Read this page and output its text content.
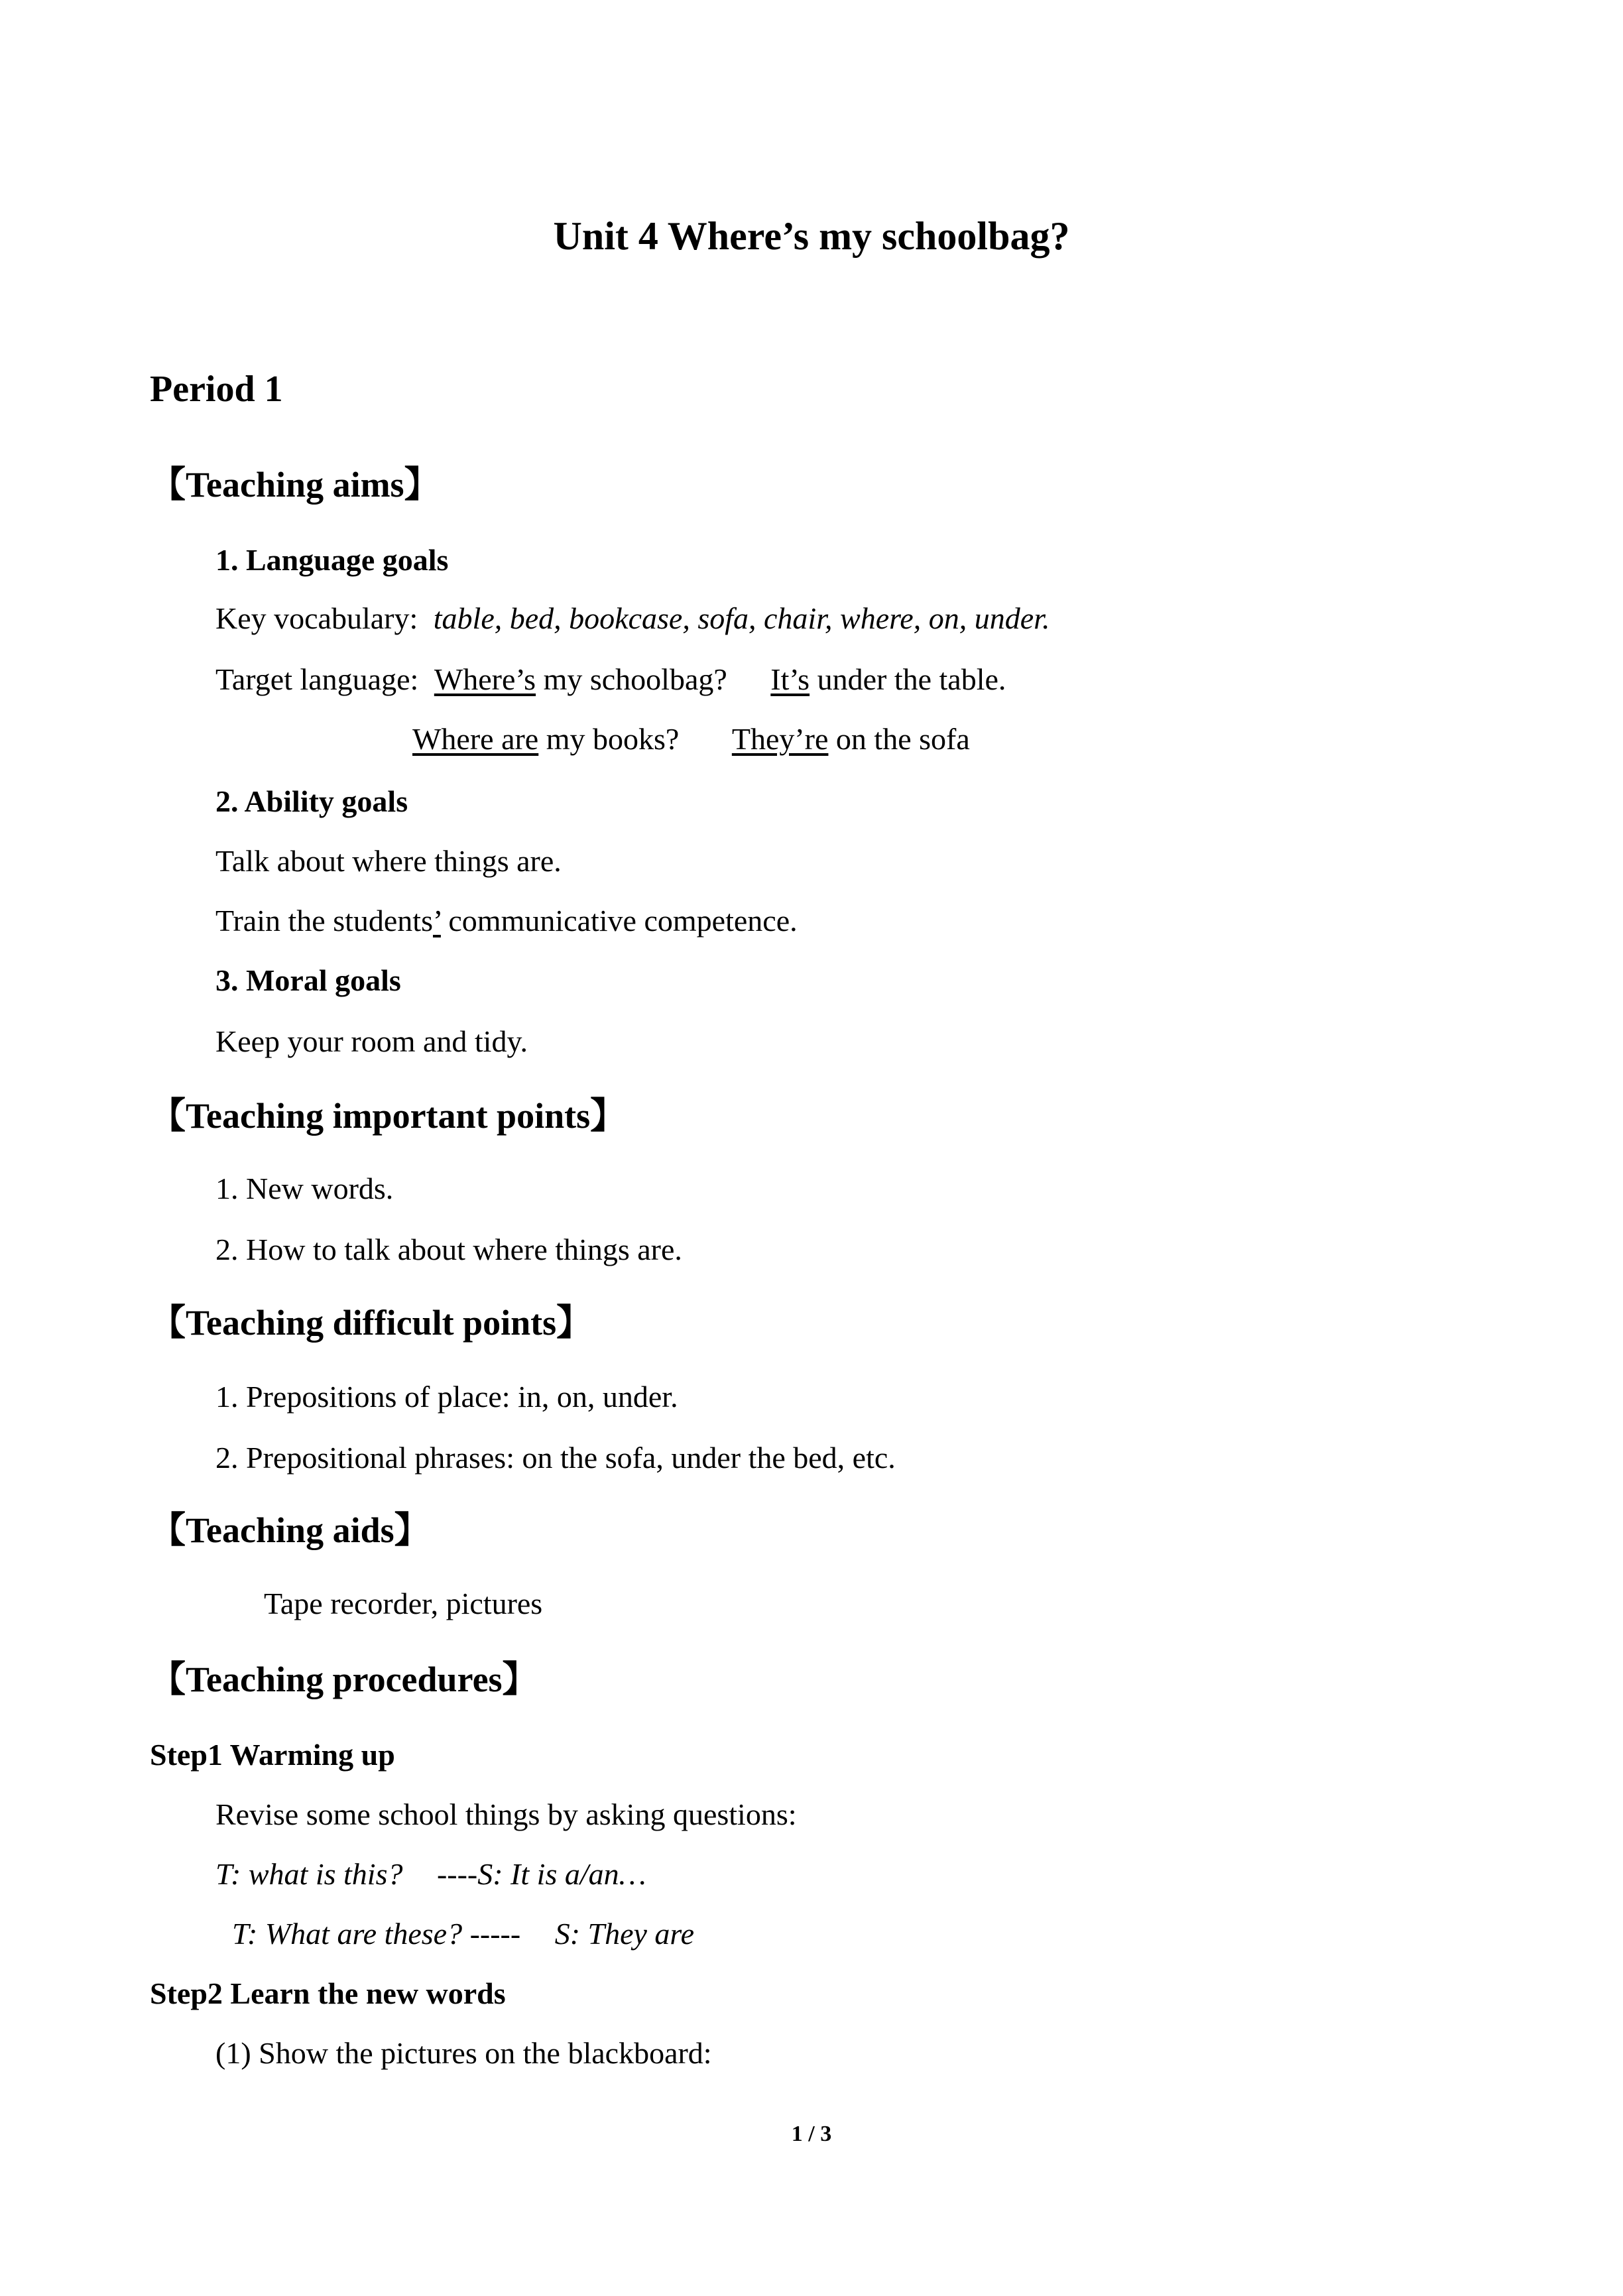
Unit 4 Where’s my schoolbag?
Period 1
【Teaching aims】
1. Language goals
Key vocabulary: table, bed, bookcase, sofa, chair, where, on, under.
Target language: Where’s my schoolbag? It’s under the table.
Where are my books? They’re on the sofa
2. Ability goals
Talk about where things are.
Train the students’ communicative competence.
3. Moral goals
Keep your room and tidy.
【Teaching important points】
1. New words.
2. How to talk about where things are.
【Teaching difficult points】
1. Prepositions of place: in, on, under.
2. Prepositional phrases: on the sofa, under the bed, etc.
【Teaching aids】
Tape recorder, pictures
【Teaching procedures】
Step1 Warming up
Revise some school things by asking questions:
T: what is this? ----S: It is a/an…
T: What are these? ----- S: They are
Step2 Learn the new words
(1) Show the pictures on the blackboard:
1 / 3
